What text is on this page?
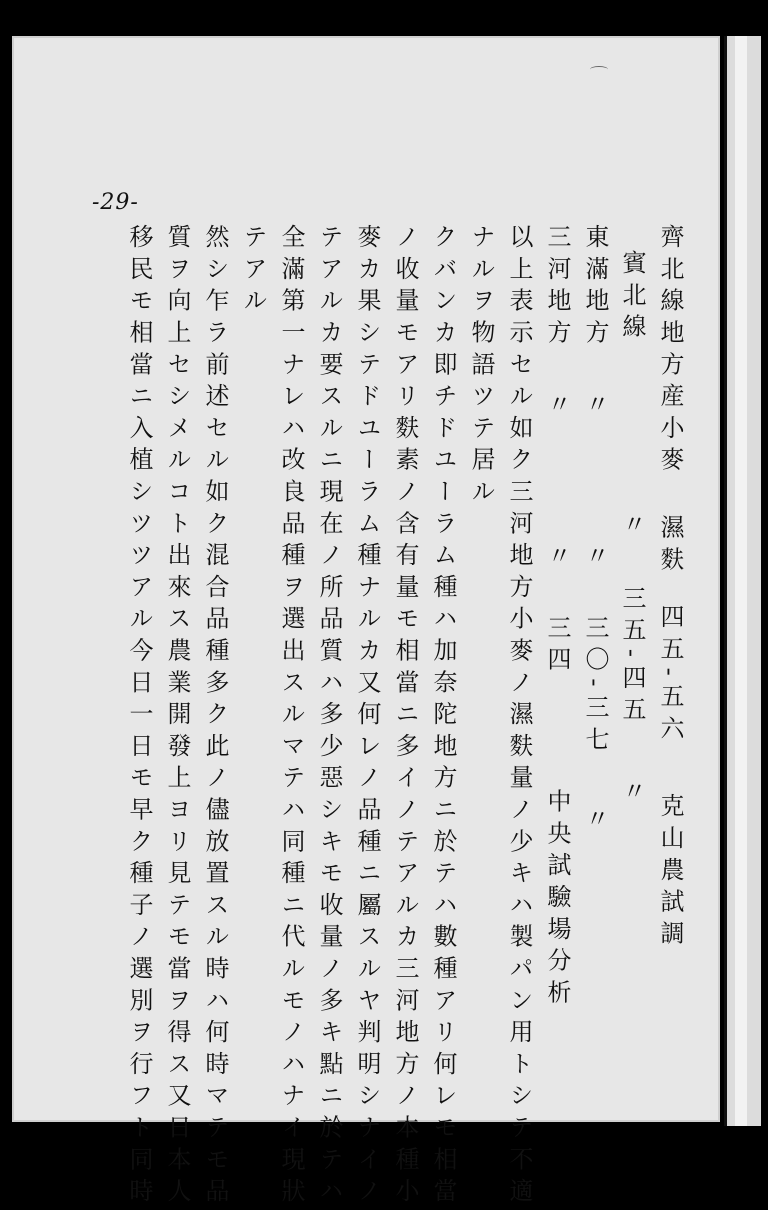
-29-
齊北線地方産小麥濕麩四五-五六克山農試調
賓北線〃三五-四五〃
東滿地方〃〃三〇-三七〃
三河地方〃〃三四中央試驗場分析
以上表示セル如ク三河地方小麥ノ濕麩量ノ少キハ製パン用トシテ不適
ナルヲ物語ツテ居ル
クバンカ即チドユーラム種ハ加奈陀地方ニ於テハ數種アリ何レモ相當
ノ收量モアリ麩素ノ含有量モ相當ニ多イノテアルカ三河地方ノ本種小
麥カ果シテドユーラム種ナルカ又何レノ品種ニ屬スルヤ判明シナイノ
テアルカ要スルニ現在ノ所品質ハ多少惡シキモ收量ノ多キ點ニ於テハ
全滿第一ナレハ改良品種ヲ選出スルマテハ同種ニ代ルモノハナイ現狀
テアル
然シ乍ラ前述セル如ク混合品種多ク此ノ儘放置スル時ハ何時マテモ品
質ヲ向上セシメルコト出來ス農業開發上ヨリ見テモ當ヲ得ス又日本人
移民モ相當ニ入植シツツアル今日一日モ早ク種子ノ選別ヲ行フト同時
